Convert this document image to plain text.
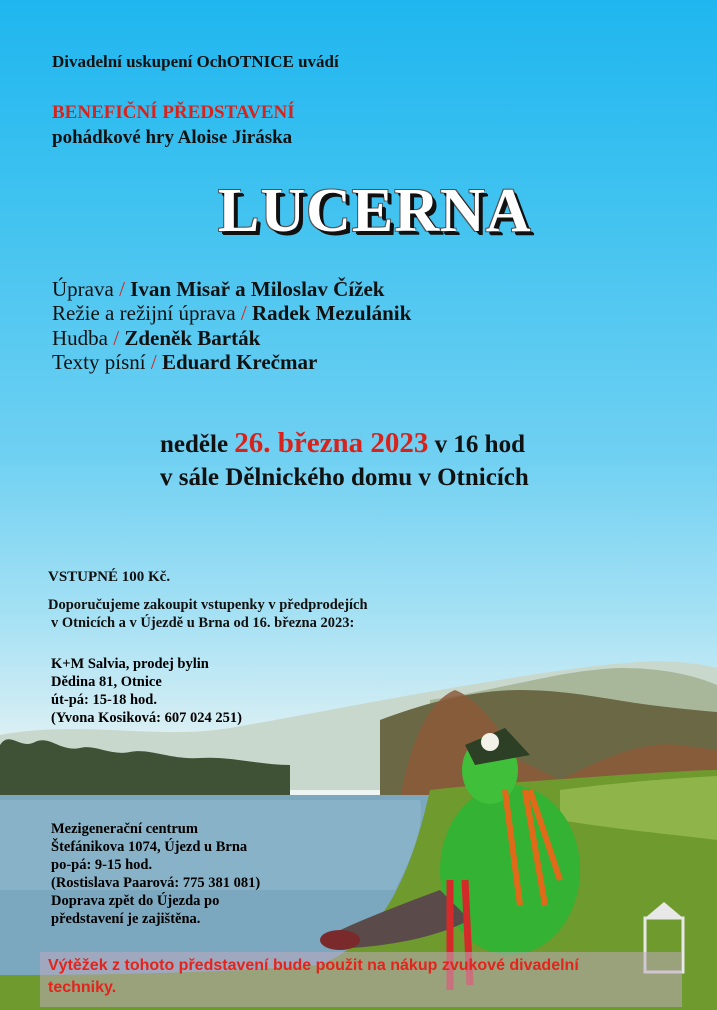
Divadelní uskupení OchOTNICE uvádí

BENEFIČNÍ PŘEDSTAVENÍ

pohádkové hry Aloise Jiráska

LUCERNA

Úprava / Ivan Misař a Miloslav Čížek

Režie a režijní úprava / Radek Mezulánik

Hudba / Zdeněk Barták

Texty písní / Eduard Krečmar

neděle 26. března 2023 v 16 hod

v sále Dělnického domu v Otnicích

VSTUPNÉ 100 Kč.

Doporučujeme zakoupit vstupenky v předprodejích

v Otnicích a v Újezdě u Brna od 16. března 2023:

K+M Salvia, prodej bylin
Dědina 81, Otnice
út-pá: 15-18 hod.
(Yvona Kosiková: 607 024 251)
Mezigenerační centrum
Štefánikova 1074, Újezd u Brna
po-pá: 9-15 hod.
(Rostislava Paarová: 775 381 081)
Doprava zpět do Újezda po
představení je zajištěna.

Výtěžek z tohoto představení bude použit na nákup zvukové divadelní techniky.
